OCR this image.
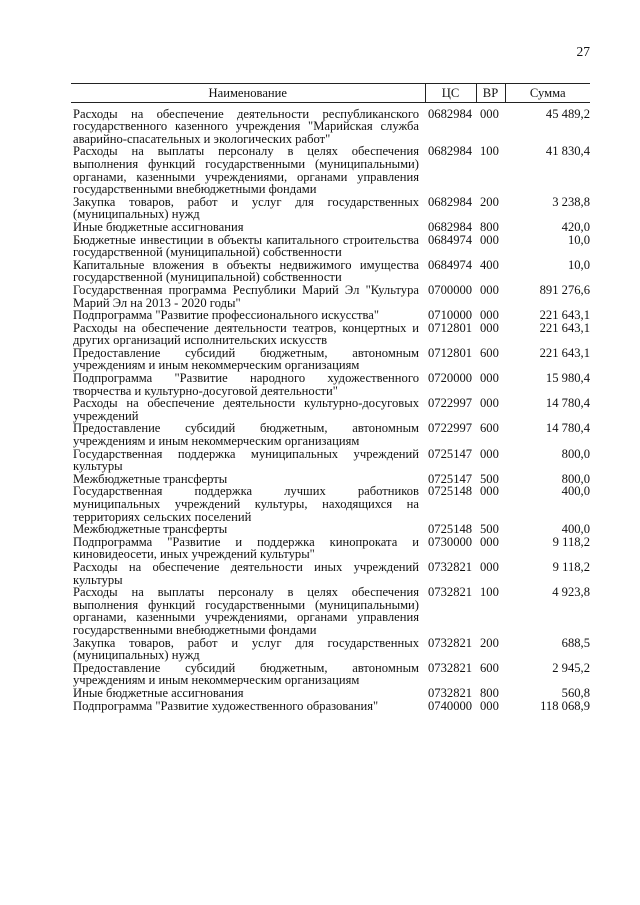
27
Наименование	ЦС	ВР	Сумма
Расходы на обеспечение деятельности республиканского государственного казенного учреждения "Марийская служба аварийно-спасательных и экологических работ"	0682984	000	45 489,2
Расходы на выплаты персоналу в целях обеспечения выполнения функций государственными (муниципальными) органами, казенными учреждениями, органами управления государственными внебюджетными фондами	0682984	100	41 830,4
Закупка товаров, работ и услуг для государственных (муниципальных) нужд	0682984	200	3 238,8
Иные бюджетные ассигнования	0682984	800	420,0
Бюджетные инвестиции в объекты капитального строительства государственной (муниципальной) собственности	0684974	000	10,0
Капитальные вложения в объекты недвижимого имущества государственной (муниципальной) собственности	0684974	400	10,0
Государственная программа Республики Марий Эл "Культура Марий Эл на 2013 - 2020 годы"	0700000	000	891 276,6
Подпрограмма "Развитие профессионального искусства"	0710000	000	221 643,1
Расходы на обеспечение деятельности театров, концертных и других организаций исполнительских искусств	0712801	000	221 643,1
Предоставление субсидий бюджетным, автономным учреждениям и иным некоммерческим организациям	0712801	600	221 643,1
Подпрограмма "Развитие народного художественного творчества и культурно-досуговой деятельности"	0720000	000	15 980,4
Расходы на обеспечение деятельности культурно-досуговых учреждений	0722997	000	14 780,4
Предоставление субсидий бюджетным, автономным учреждениям и иным некоммерческим организациям	0722997	600	14 780,4
Государственная поддержка муниципальных учреждений культуры	0725147	000	800,0
Межбюджетные трансферты	0725147	500	800,0
Государственная поддержка лучших работников муниципальных учреждений культуры, находящихся на территориях сельских поселений	0725148	000	400,0
Межбюджетные трансферты	0725148	500	400,0
Подпрограмма "Развитие и поддержка кинопроката и киновидеосети, иных учреждений культуры"	0730000	000	9 118,2
Расходы на обеспечение деятельности иных учреждений культуры	0732821	000	9 118,2
Расходы на выплаты персоналу в целях обеспечения выполнения функций государственными (муниципальными) органами, казенными учреждениями, органами управления государственными внебюджетными фондами	0732821	100	4 923,8
Закупка товаров, работ и услуг для государственных (муниципальных) нужд	0732821	200	688,5
Предоставление субсидий бюджетным, автономным учреждениям и иным некоммерческим организациям	0732821	600	2 945,2
Иные бюджетные ассигнования	0732821	800	560,8
Подпрограмма "Развитие художественного образования"	0740000	000	118 068,9
